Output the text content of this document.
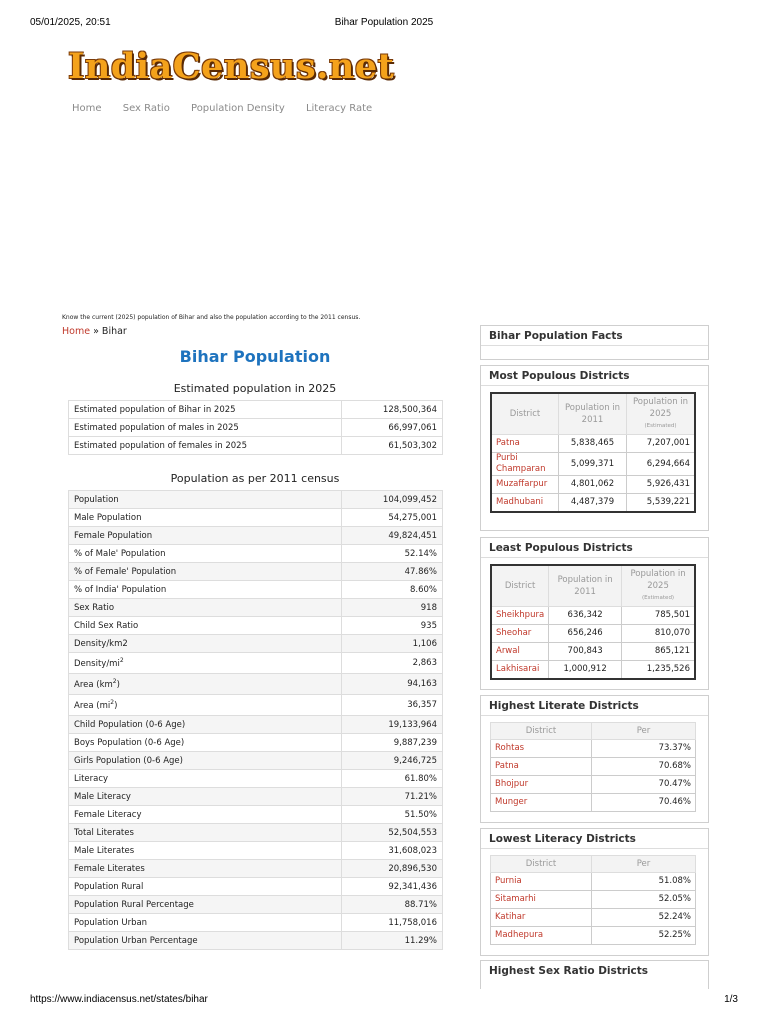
05/01/2025, 20:51	Bihar Population 2025
IndiaCensus.net
Home Sex Ratio Population Density Literacy Rate
Know the current (2025) population of Bihar and also the population according to the 2011 census.
Home » Bihar
Bihar Population
Estimated population in 2025
Estimated population of Bihar in 2025	128,500,364
Estimated population of males in 2025	66,997,061
Estimated population of females in 2025	61,503,302
Population as per 2011 census
Population	104,099,452
Male Population	54,275,001
Female Population	49,824,451
% of Male' Population	52.14%
% of Female' Population	47.86%
% of India' Population	8.60%
Sex Ratio	918
Child Sex Ratio	935
Density/km2	1,106
Density/$mi^2$	2,863
Area $(km^2)$	94,163
Area $(mi^2)$	36,357
Child Population (0-6 Age)	19,133,964
Boys Population (0-6 Age)	9,887,239
Girls Population (0-6 Age)	9,246,725
Literacy	61.80%
Male Literacy	71.21%
Female Literacy	51.50%
Total Literates	52,504,553
Male Literates	31,608,023
Female Literates	20,896,530
Population Rural	92,341,436
Population Rural Percentage	88.71%
Population Urban	11,758,016
Population Urban Percentage	11.29%
Bihar Population Facts
Most Populous Districts
District	Population in 2011	Population in 2025
(Estimated)

Patna	5,838,465	7,207,001
Purbi Champaran	5,099,371	6,294,664
Muzaffarpur	4,801,062	5,926,431
Madhubani	4,487,379	5,539,221
Least Populous Districts
District	Population in 2011	Population in 2025
(Estimated)

Sheikhpura	636,342	785,501
Sheohar	656,246	810,070
Arwal	700,843	865,121
Lakhisarai	1,000,912	1,235,526
Highest Literate Districts
District	Per
Rohtas	73.37%
Patna	70.68%
Bhojpur	70.47%
Munger	70.46%
Lowest Literacy Districts
District	Per
Purnia	51.08%
Sitamarhi	52.05%
Katihar	52.24%
Madhepura	52.25%
Highest Sex Ratio Districts
https://www.indiacensus.net/states/bihar	1/3
